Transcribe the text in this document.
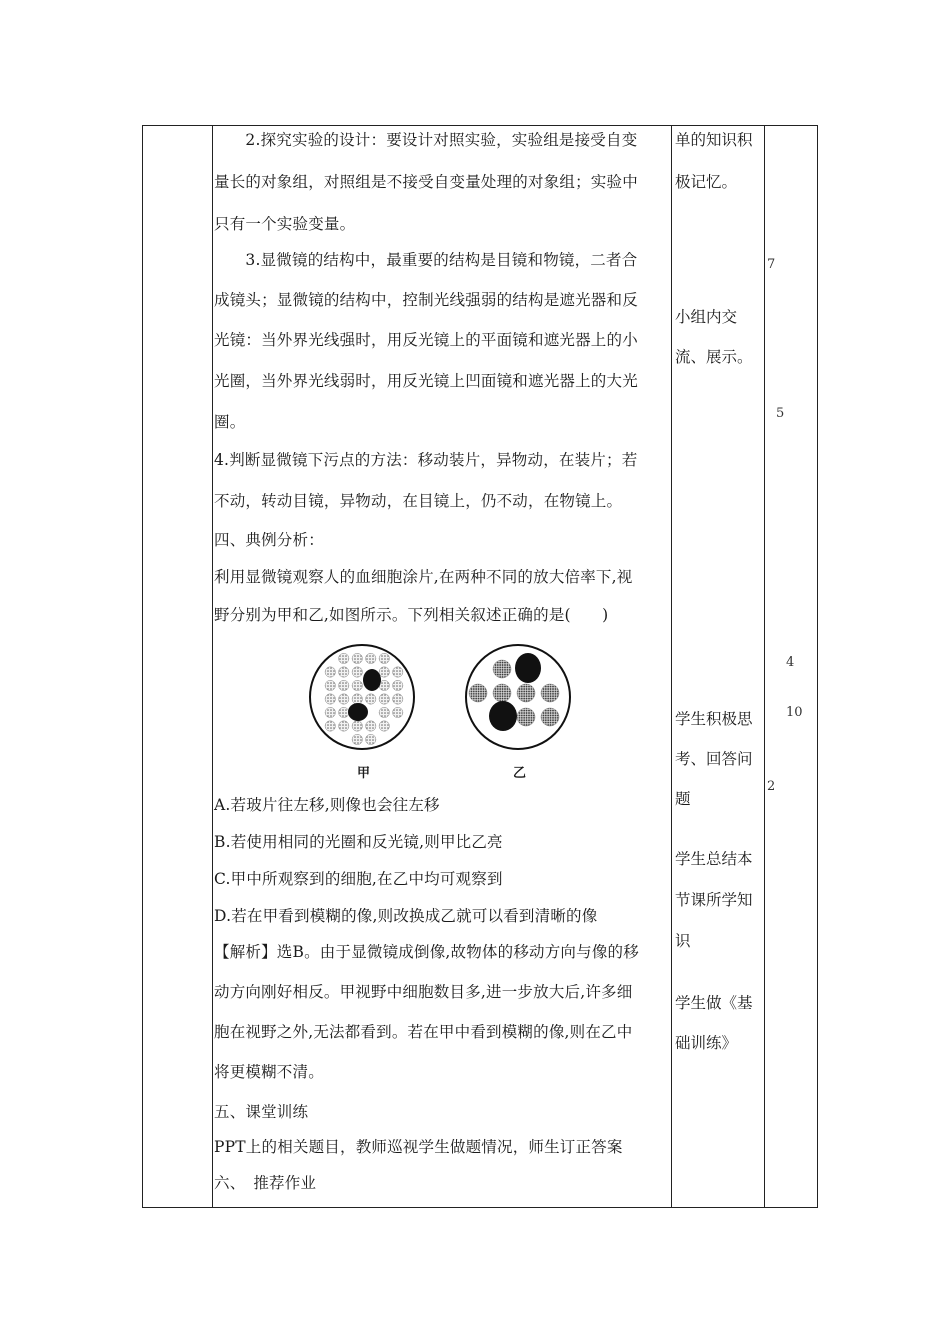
　　2.探究实验的设计：要设计对照实验，实验组是接受自变
量长的对象组，对照组是不接受自变量处理的对象组；实验中
只有一个实验变量。
　　3.显微镜的结构中，最重要的结构是目镜和物镜，二者合
成镜头；显微镜的结构中，控制光线强弱的结构是遮光器和反
光镜：当外界光线强时，用反光镜上的平面镜和遮光器上的小
光圈，当外界光线弱时，用反光镜上凹面镜和遮光器上的大光
圈。
4.判断显微镜下污点的方法：移动装片，异物动，在装片；若
不动，转动目镜，异物动，在目镜上，仍不动，在物镜上。
四、典例分析：
利用显微镜观察人的血细胞涂片,在两种不同的放大倍率下,视
野分别为甲和乙,如图所示。下列相关叙述正确的是(　　)
A.若玻片往左移,则像也会往左移
B.若使用相同的光圈和反光镜,则甲比乙亮
C.甲中所观察到的细胞,在乙中均可观察到
D.若在甲看到模糊的像,则改换成乙就可以看到清晰的像
【解析】选B。由于显微镜成倒像,故物体的移动方向与像的移
动方向刚好相反。甲视野中细胞数目多,进一步放大后,许多细
胞在视野之外,无法都看到。若在甲中看到模糊的像,则在乙中
将更模糊不清。
五、课堂训练
PPT上的相关题目，教师巡视学生做题情况，师生订正答案
六、　推荐作业
甲	乙
单的知识积
极记忆。
小组内交
流、展示。
学生积极思
考、回答问
题
学生总结本
节课所学知
识
学生做《基
础训练》
7
5
4
10
2
